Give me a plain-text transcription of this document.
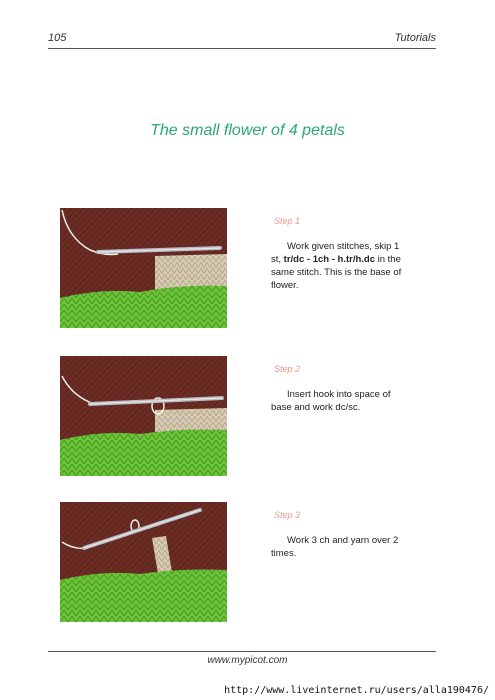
105	Tutorials
The small flower of 4 petals
Step 1
Work given stitches, skip 1 st, tr/dc - 1ch - h.tr/h.dc in the same stitch. This is the base of flower.
Step 2
Insert hook into space of base and work dc/sc.
Step 3
Work 3 ch and yarn over 2 times.
www.mypicot.com
http://www.liveinternet.ru/users/alla190476/
